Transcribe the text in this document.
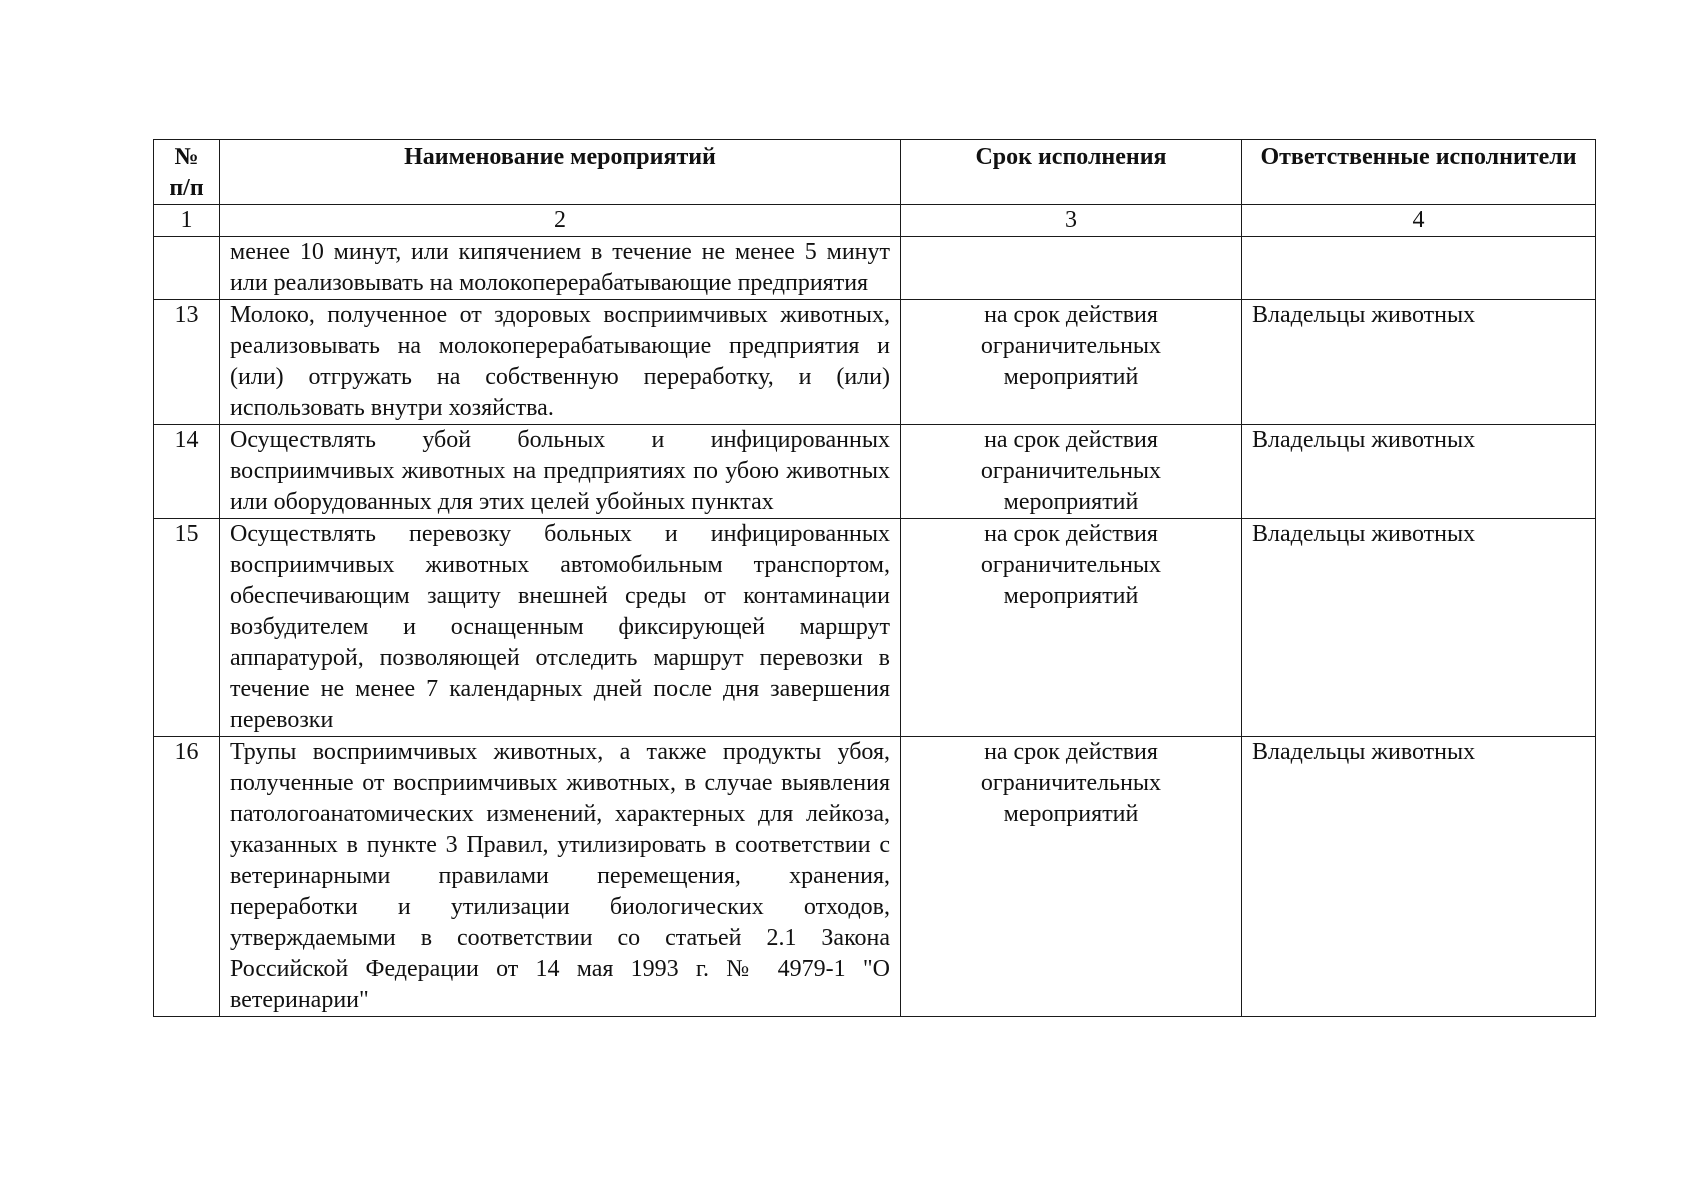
№ п/п	Наименование мероприятий	Срок исполнения	Ответственные исполнители
1	2	3	4
	менее 10 минут, или кипячением в течение не менее 5 минут или реализовывать на молокоперерабатывающие предприятия		
13	Молоко, полученное от здоровых восприимчивых животных, реализовывать на молокоперерабатывающие предприятия и (или) отгружать на собственную переработку, и (или) использовать внутри хозяйства.	на срок действия ограничительных мероприятий	Владельцы животных
14	Осуществлять убой больных и инфицированных восприимчивых животных на предприятиях по убою животных или оборудованных для этих целей убойных пунктах	на срок действия ограничительных мероприятий	Владельцы животных
15	Осуществлять перевозку больных и инфицированных восприимчивых животных автомобильным транспортом, обеспечивающим защиту внешней среды от контаминации возбудителем и оснащенным фиксирующей маршрут аппаратурой, позволяющей отследить маршрут перевозки в течение не менее 7 календарных дней после дня завершения перевозки	на срок действия ограничительных мероприятий	Владельцы животных
16	Трупы восприимчивых животных, а также продукты убоя, полученные от восприимчивых животных, в случае выявления патологоанатомических изменений, характерных для лейкоза, указанных в пункте 3 Правил, утилизировать в соответствии с ветеринарными правилами перемещения, хранения, переработки и утилизации биологических отходов, утверждаемыми в соответствии со статьей 2.1 Закона Российской Федерации от 14 мая 1993 г. № 4979-1 "О ветеринарии"	на срок действия ограничительных мероприятий	Владельцы животных
